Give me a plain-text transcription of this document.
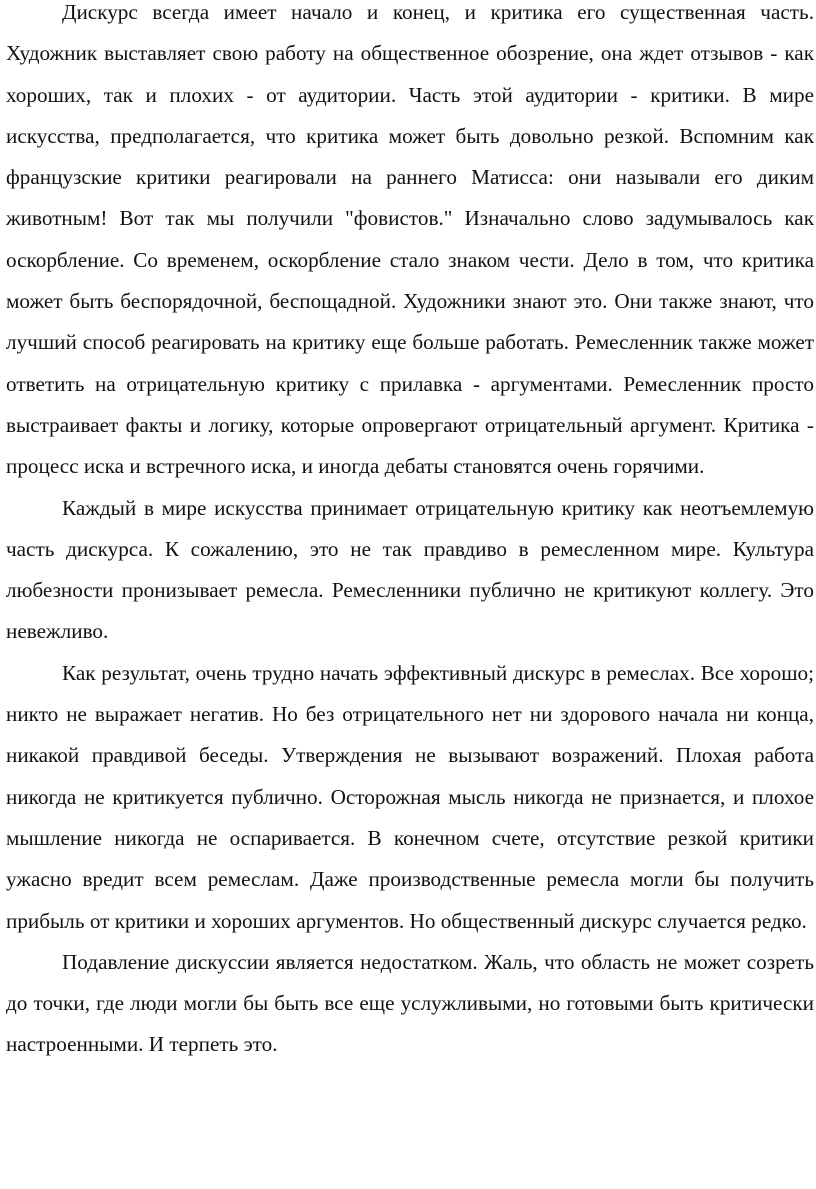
Дискурс всегда имеет начало и конец, и критика его существенная часть. Художник выставляет свою работу на общественное обозрение, она ждет отзывов - как хороших, так и плохих - от аудитории. Часть этой аудитории - критики. В мире искусства, предполагается, что критика может быть довольно резкой. Вспомним как французские критики реагировали на раннего Матисса: они называли его диким животным! Вот так мы получили "фовистов." Изначально слово задумывалось как оскорбление. Со временем, оскорбление стало знаком чести. Дело в том, что критика может быть беспорядочной, беспощадной. Художники знают это. Они также знают, что лучший способ реагировать на критику еще больше работать. Ремесленник также может ответить на отрицательную критику с прилавка - аргументами. Ремесленник просто выстраивает факты и логику, которые опровергают отрицательный аргумент. Критика - процесс иска и встречного иска, и иногда дебаты становятся очень горячими.

Каждый в мире искусства принимает отрицательную критику как неотъемлемую часть дискурса. К сожалению, это не так правдиво в ремесленном мире. Культура любезности пронизывает ремесла. Ремесленники публично не критикуют коллегу. Это невежливо.

Как результат, очень трудно начать эффективный дискурс в ремеслах. Все хорошо; никто не выражает негатив. Но без отрицательного нет ни здорового начала ни конца, никакой правдивой беседы. Утверждения не вызывают возражений. Плохая работа никогда не критикуется публично. Осторожная мысль никогда не признается, и плохое мышление никогда не оспаривается. В конечном счете, отсутствие резкой критики ужасно вредит всем ремеслам. Даже производственные ремесла могли бы получить прибыль от критики и хороших аргументов. Но общественный дискурс случается редко.

Подавление дискуссии является недостатком. Жаль, что область не может созреть до точки, где люди могли бы быть все еще услужливыми, но готовыми быть критически настроенными. И терпеть это.
